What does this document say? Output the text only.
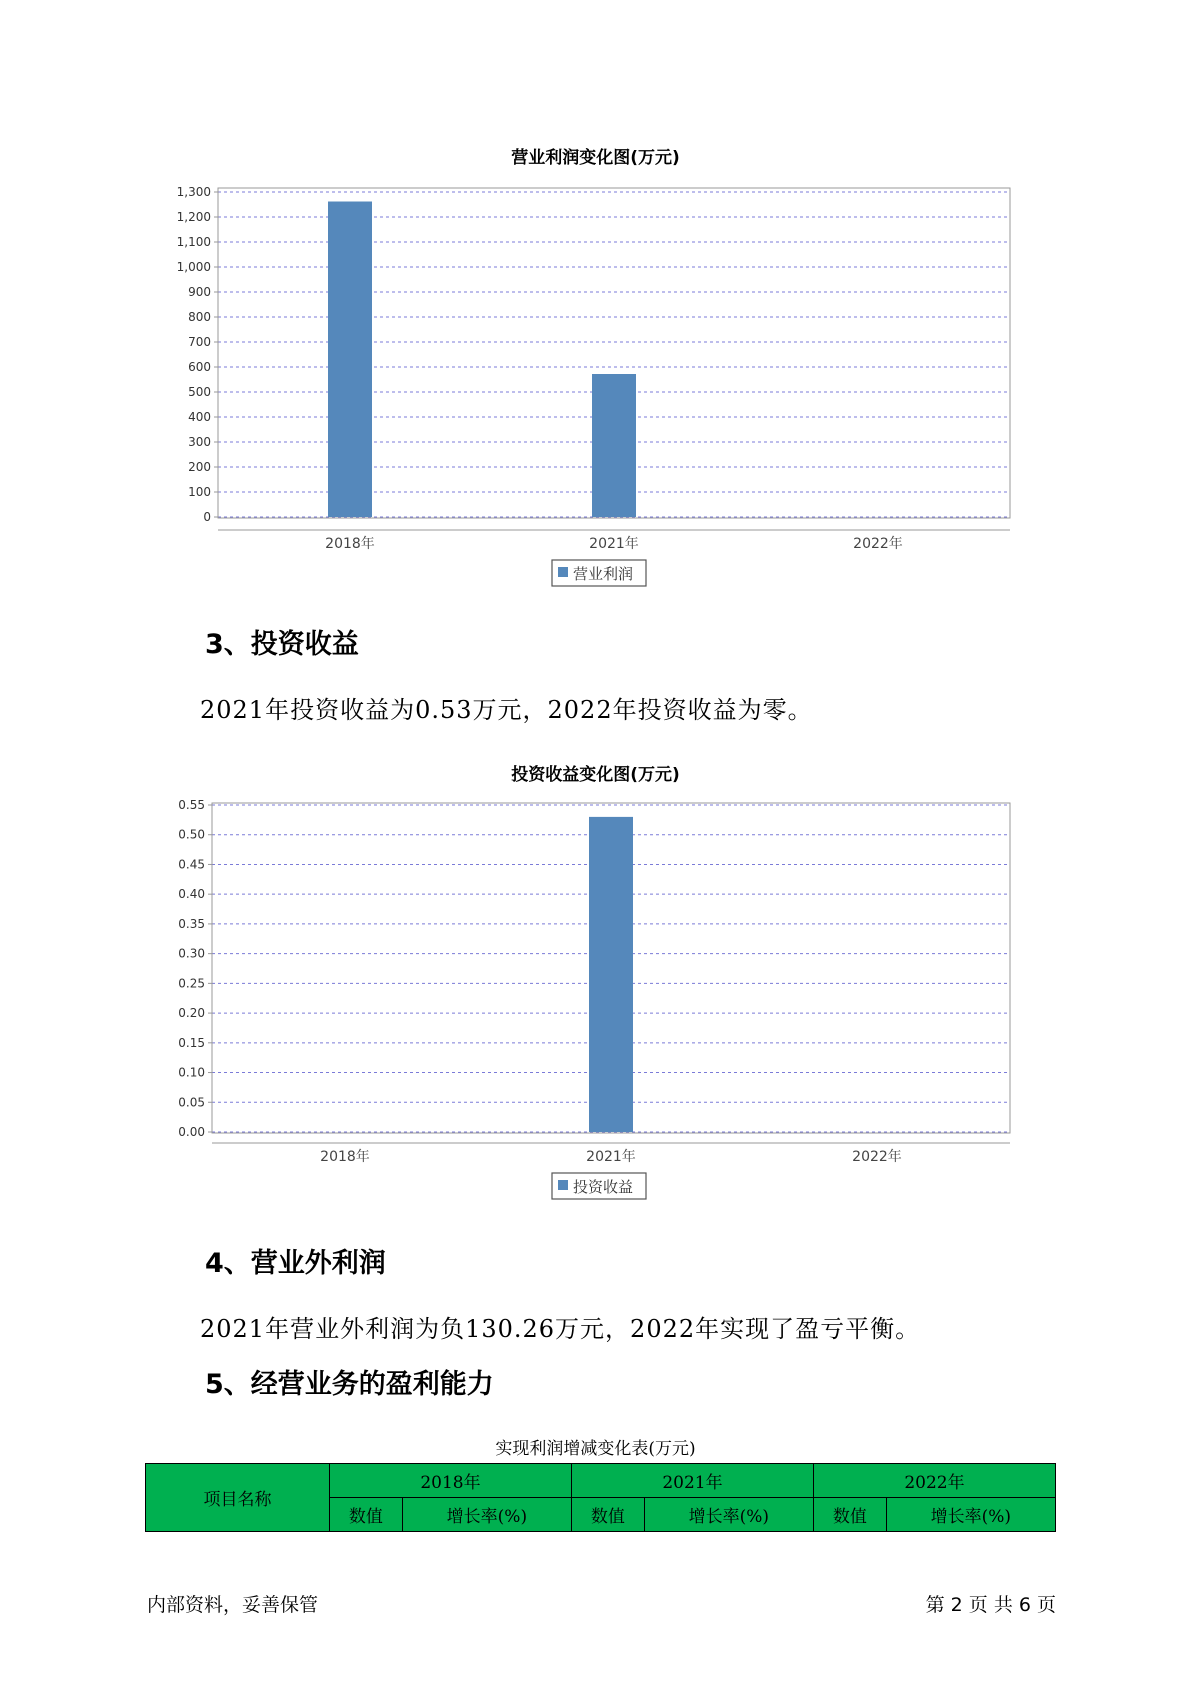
营业利润变化图(万元)
0
100
200
300
400
500
600
700
800
900
1,000
1,100
1,200
1,300
2018年	2021年	2022年
营业利润
3、投资收益
2021年投资收益为0.53万元，2022年投资收益为零。
投资收益变化图(万元)
0.00
0.05
0.10
0.15
0.20
0.25
0.30
0.35
0.40
0.45
0.50
0.55
2018年	2021年	2022年
投资收益
4、营业外利润
2021年营业外利润为负130.26万元，2022年实现了盈亏平衡。
5、经营业务的盈利能力
实现利润增减变化表(万元)
项目名称	2018年		2021年		2022年	
	数值	增长率(%)	数值	增长率(%)	数值	增长率(%)
内部资料，妥善保管	第 2 页 共 6 页
